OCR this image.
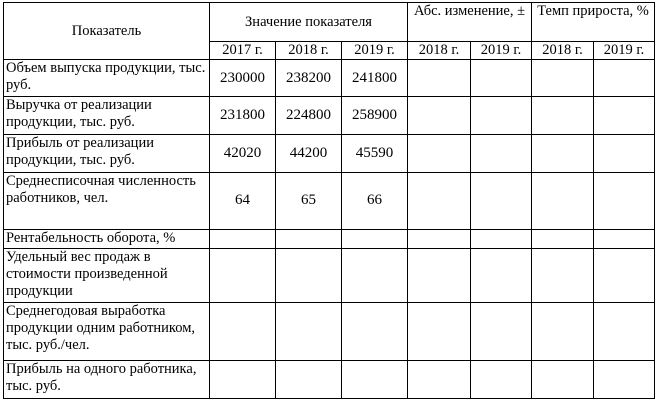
Показатель	Значение показателя			Абс. изменение, ±		Темп прироста, %	
	2017 г.	2018 г.	2019 г.	2018 г.	2019 г.	2018 г.	2019 г.
Объем выпуска продукции, тыс. руб.	230000	238200	241800				
Выручка от реализации продукции, тыс. руб.	231800	224800	258900				
Прибыль от реализации продукции, тыс. руб.	42020	44200	45590				
Среднесписочная численность работников, чел.	64	65	66				
Рентабельность оборота, %							
Удельный вес продаж в стоимости произведенной продукции							
Среднегодовая выработка продукции одним работником, тыс. руб./чел.							
Прибыль на одного работника, тыс. руб.							
